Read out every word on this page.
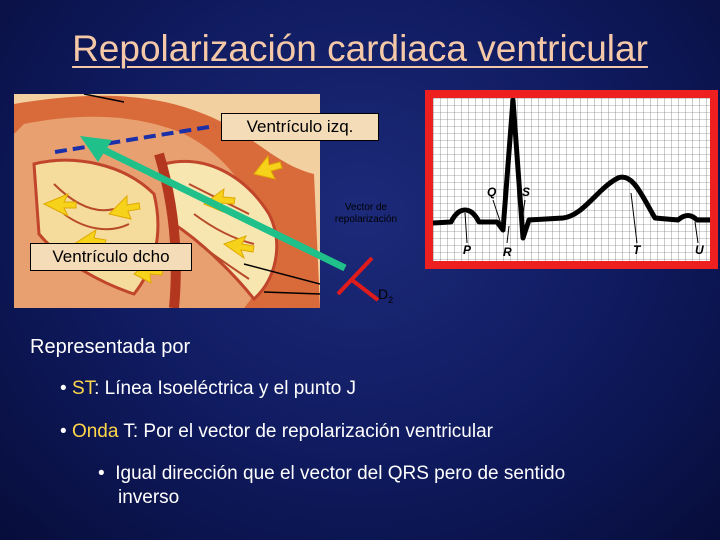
Repolarización cardiaca ventricular
Q S
P	R	T	U
Ventrículo izq.
Ventrículo dcho
Vector de
repolarización
$D_2$
Representada por
• ST: Línea Isoeléctrica y el punto J
• Onda T: Por el vector de repolarización ventricular
• Igual dirección que el vector del QRS pero de sentido
inverso
